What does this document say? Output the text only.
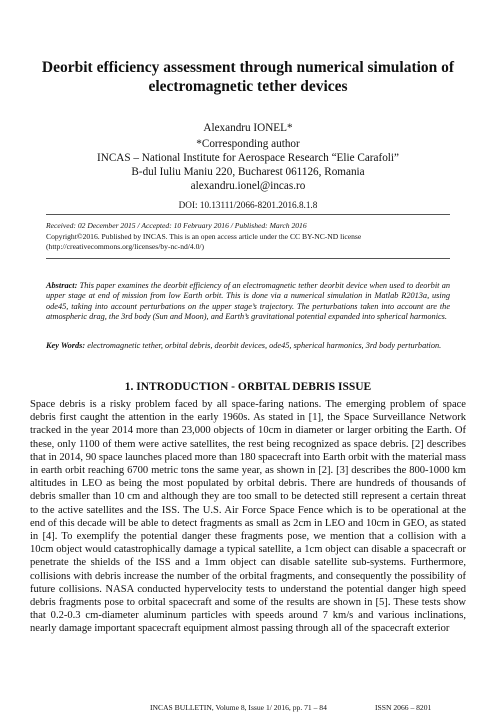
Deorbit efficiency assessment through numerical simulation of electromagnetic tether devices
Alexandru IONEL*
*Corresponding author
INCAS – National Institute for Aerospace Research “Elie Carafoli”
B-dul Iuliu Maniu 220, Bucharest 061126, Romania
alexandru.ionel@incas.ro
DOI: 10.13111/2066-8201.2016.8.1.8
Received: 02 December 2015 / Accepted: 10 February 2016 / Published: March 2016
Copyright©2016. Published by INCAS. This is an open access article under the CC BY-NC-ND license (http://creativecommons.org/licenses/by-nc-nd/4.0/)
Abstract: This paper examines the deorbit efficiency of an electromagnetic tether deorbit device when used to deorbit an upper stage at end of mission from low Earth orbit. This is done via a numerical simulation in Matlab R2013a, using ode45, taking into account perturbations on the upper stage’s trajectory. The perturbations taken into account are the atmospheric drag, the 3rd body (Sun and Moon), and Earth’s gravitational potential expanded into spherical harmonics.
Key Words: electromagnetic tether, orbital debris, deorbit devices, ode45, spherical harmonics, 3rd body perturbation.
1. INTRODUCTION - ORBITAL DEBRIS ISSUE
Space debris is a risky problem faced by all space-faring nations. The emerging problem of space debris first caught the attention in the early 1960s. As stated in [1], the Space Surveillance Network tracked in the year 2014 more than 23,000 objects of 10cm in diameter or larger orbiting the Earth. Of these, only 1100 of them were active satellites, the rest being recognized as space debris. [2] describes that in 2014, 90 space launches placed more than 180 spacecraft into Earth orbit with the material mass in earth orbit reaching 6700 metric tons the same year, as shown in [2]. [3] describes the 800-1000 km altitudes in LEO as being the most populated by orbital debris. There are hundreds of thousands of debris smaller than 10 cm and although they are too small to be detected still represent a certain threat to the active satellites and the ISS. The U.S. Air Force Space Fence which is to be operational at the end of this decade will be able to detect fragments as small as 2cm in LEO and 10cm in GEO, as stated in [4]. To exemplify the potential danger these fragments pose, we mention that a collision with a 10cm object would catastrophically damage a typical satellite, a 1cm object can disable a spacecraft or penetrate the shields of the ISS and a 1mm object can disable satellite sub-systems. Furthermore, collisions with debris increase the number of the orbital fragments, and consequently the possibility of future collisions. NASA conducted hypervelocity tests to understand the potential danger high speed debris fragments pose to orbital spacecraft and some of the results are shown in [5]. These tests show that 0.2-0.3 cm-diameter aluminum particles with speeds around 7 km/s and various inclinations, nearly damage important spacecraft equipment almost passing through all of the spacecraft exterior
INCAS BULLETIN, Volume 8, Issue 1/ 2016, pp. 71 – 84	ISSN 2066 – 8201
